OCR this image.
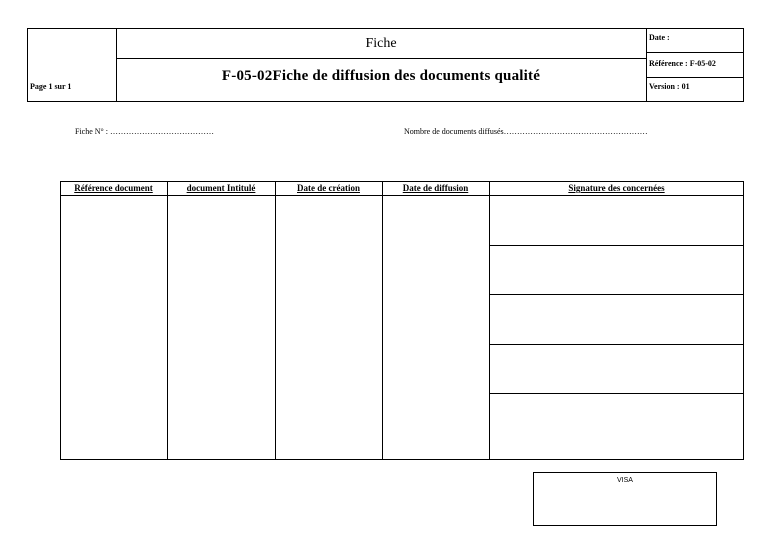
Page 1 sur 1
Fiche
F-05-02Fiche de diffusion des documents qualité
Date :
Référence : F-05-02
Version : 01
Fiche N° : …………………………………	Nombre de documents diffusés………………………………………………
Référence document	document Intitulé	Date de création	Date de diffusion	Signature des concernées
VISA
